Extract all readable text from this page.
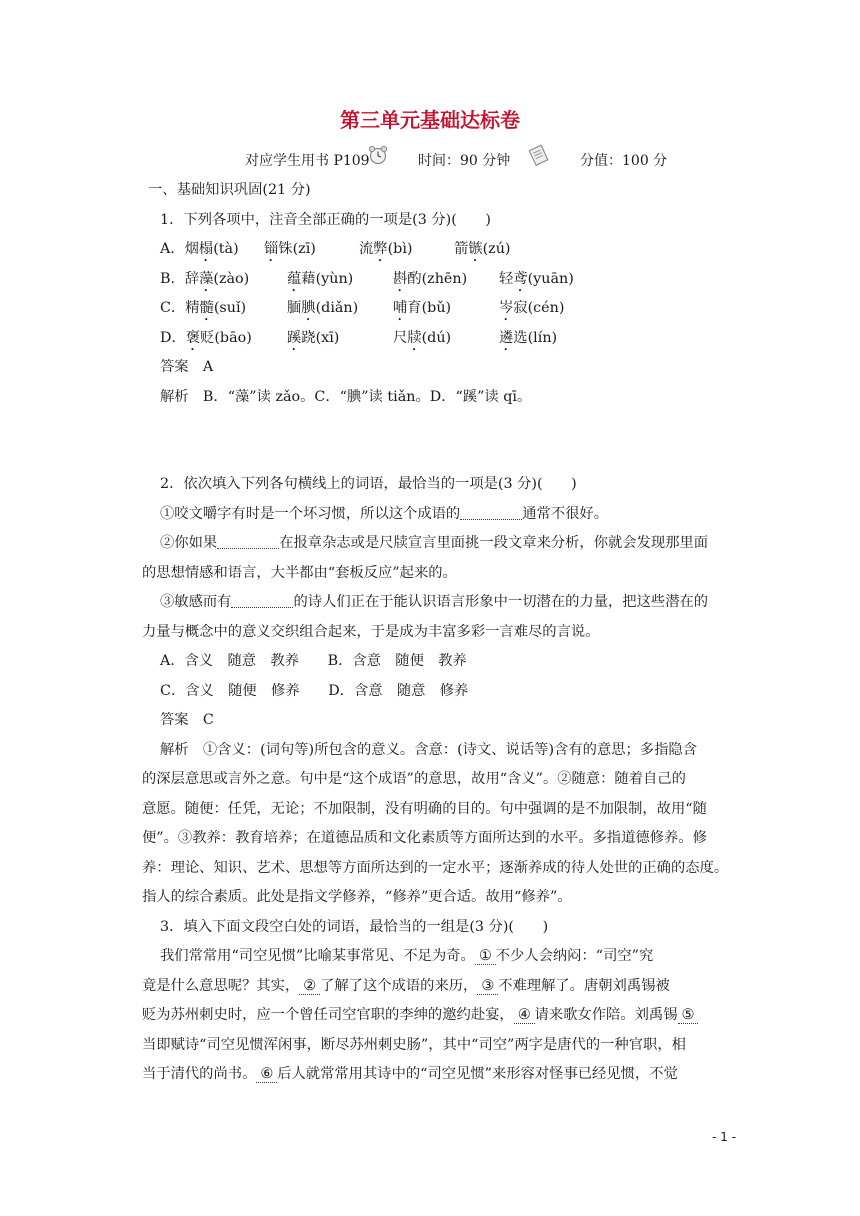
第三单元基础达标卷
对应学生用书 P109	时间：90 分钟	分值：100 分
一、基础知识巩固(21 分)
1．下列各项中，注音全部正确的一项是(3 分)(　　)
A．烟榻(tà) 锱铢(zī)	流弊(bì)	箭镞(zú)
B．辞藻(zào)	蕴藉(yùn)	斟酌(zhēn) 轻鸢(yuān)
C．精髓(suǐ)	腼腆(diǎn) 哺育(bǔ)	岑寂(cén)
D．褒贬(bāo) 蹊跷(xī)	尺牍(dú)	遴选(lín)
答案　A
解析　B．“藻”读 zǎo。C．“腆”读 tiǎn。D．“蹊”读 qī。
2．依次填入下列各句横线上的词语，最恰当的一项是(3 分)(　　)
①咬文嚼字有时是一个坏习惯，所以这个成语的	通常不很好。
②你如果	在报章杂志或是尺牍宣言里面挑一段文章来分析，你就会发现那里面
的思想情感和语言，大半都由“套板反应”起来的。
③敏感而有	的诗人们正在于能认识语言形象中一切潜在的力量，把这些潜在的
力量与概念中的意义交织组合起来，于是成为丰富多彩一言难尽的言说。
A．含义　随意　教养　　B．含意　随便　教养
C．含义　随便　修养　　D．含意　随意　修养
答案　C
解析　①含义：(词句等)所包含的意义。含意：(诗文、说话等)含有的意思；多指隐含
的深层意思或言外之意。句中是“这个成语”的意思，故用“含义”。②随意：随着自己的
意愿。随便：任凭，无论；不加限制，没有明确的目的。句中强调的是不加限制，故用“随
便”。③教养：教育培养；在道德品质和文化素质等方面所达到的水平。多指道德修养。修
养：理论、知识、艺术、思想等方面所达到的一定水平；逐渐养成的待人处世的正确的态度。
指人的综合素质。此处是指文学修养，“修养”更合适。故用“修养”。
3．填入下面文段空白处的词语，最恰当的一组是(3 分)(　　)
我们常常用“司空见惯”比喻某事常见、不足为奇。 ① 不少人会纳闷：“司空”究
竟是什么意思呢？其实， ② 了解了这个成语的来历， ③ 不难理解了。唐朝刘禹锡被
贬为苏州刺史时，应一个曾任司空官职的李绅的邀约赴宴， ④ 请来歌女作陪。刘禹锡 ⑤
当即赋诗“司空见惯浑闲事，断尽苏州刺史肠”，其中“司空”两字是唐代的一种官职，相
当于清代的尚书。 ⑥ 后人就常常用其诗中的“司空见惯”来形容对怪事已经见惯，不觉
- 1 -
